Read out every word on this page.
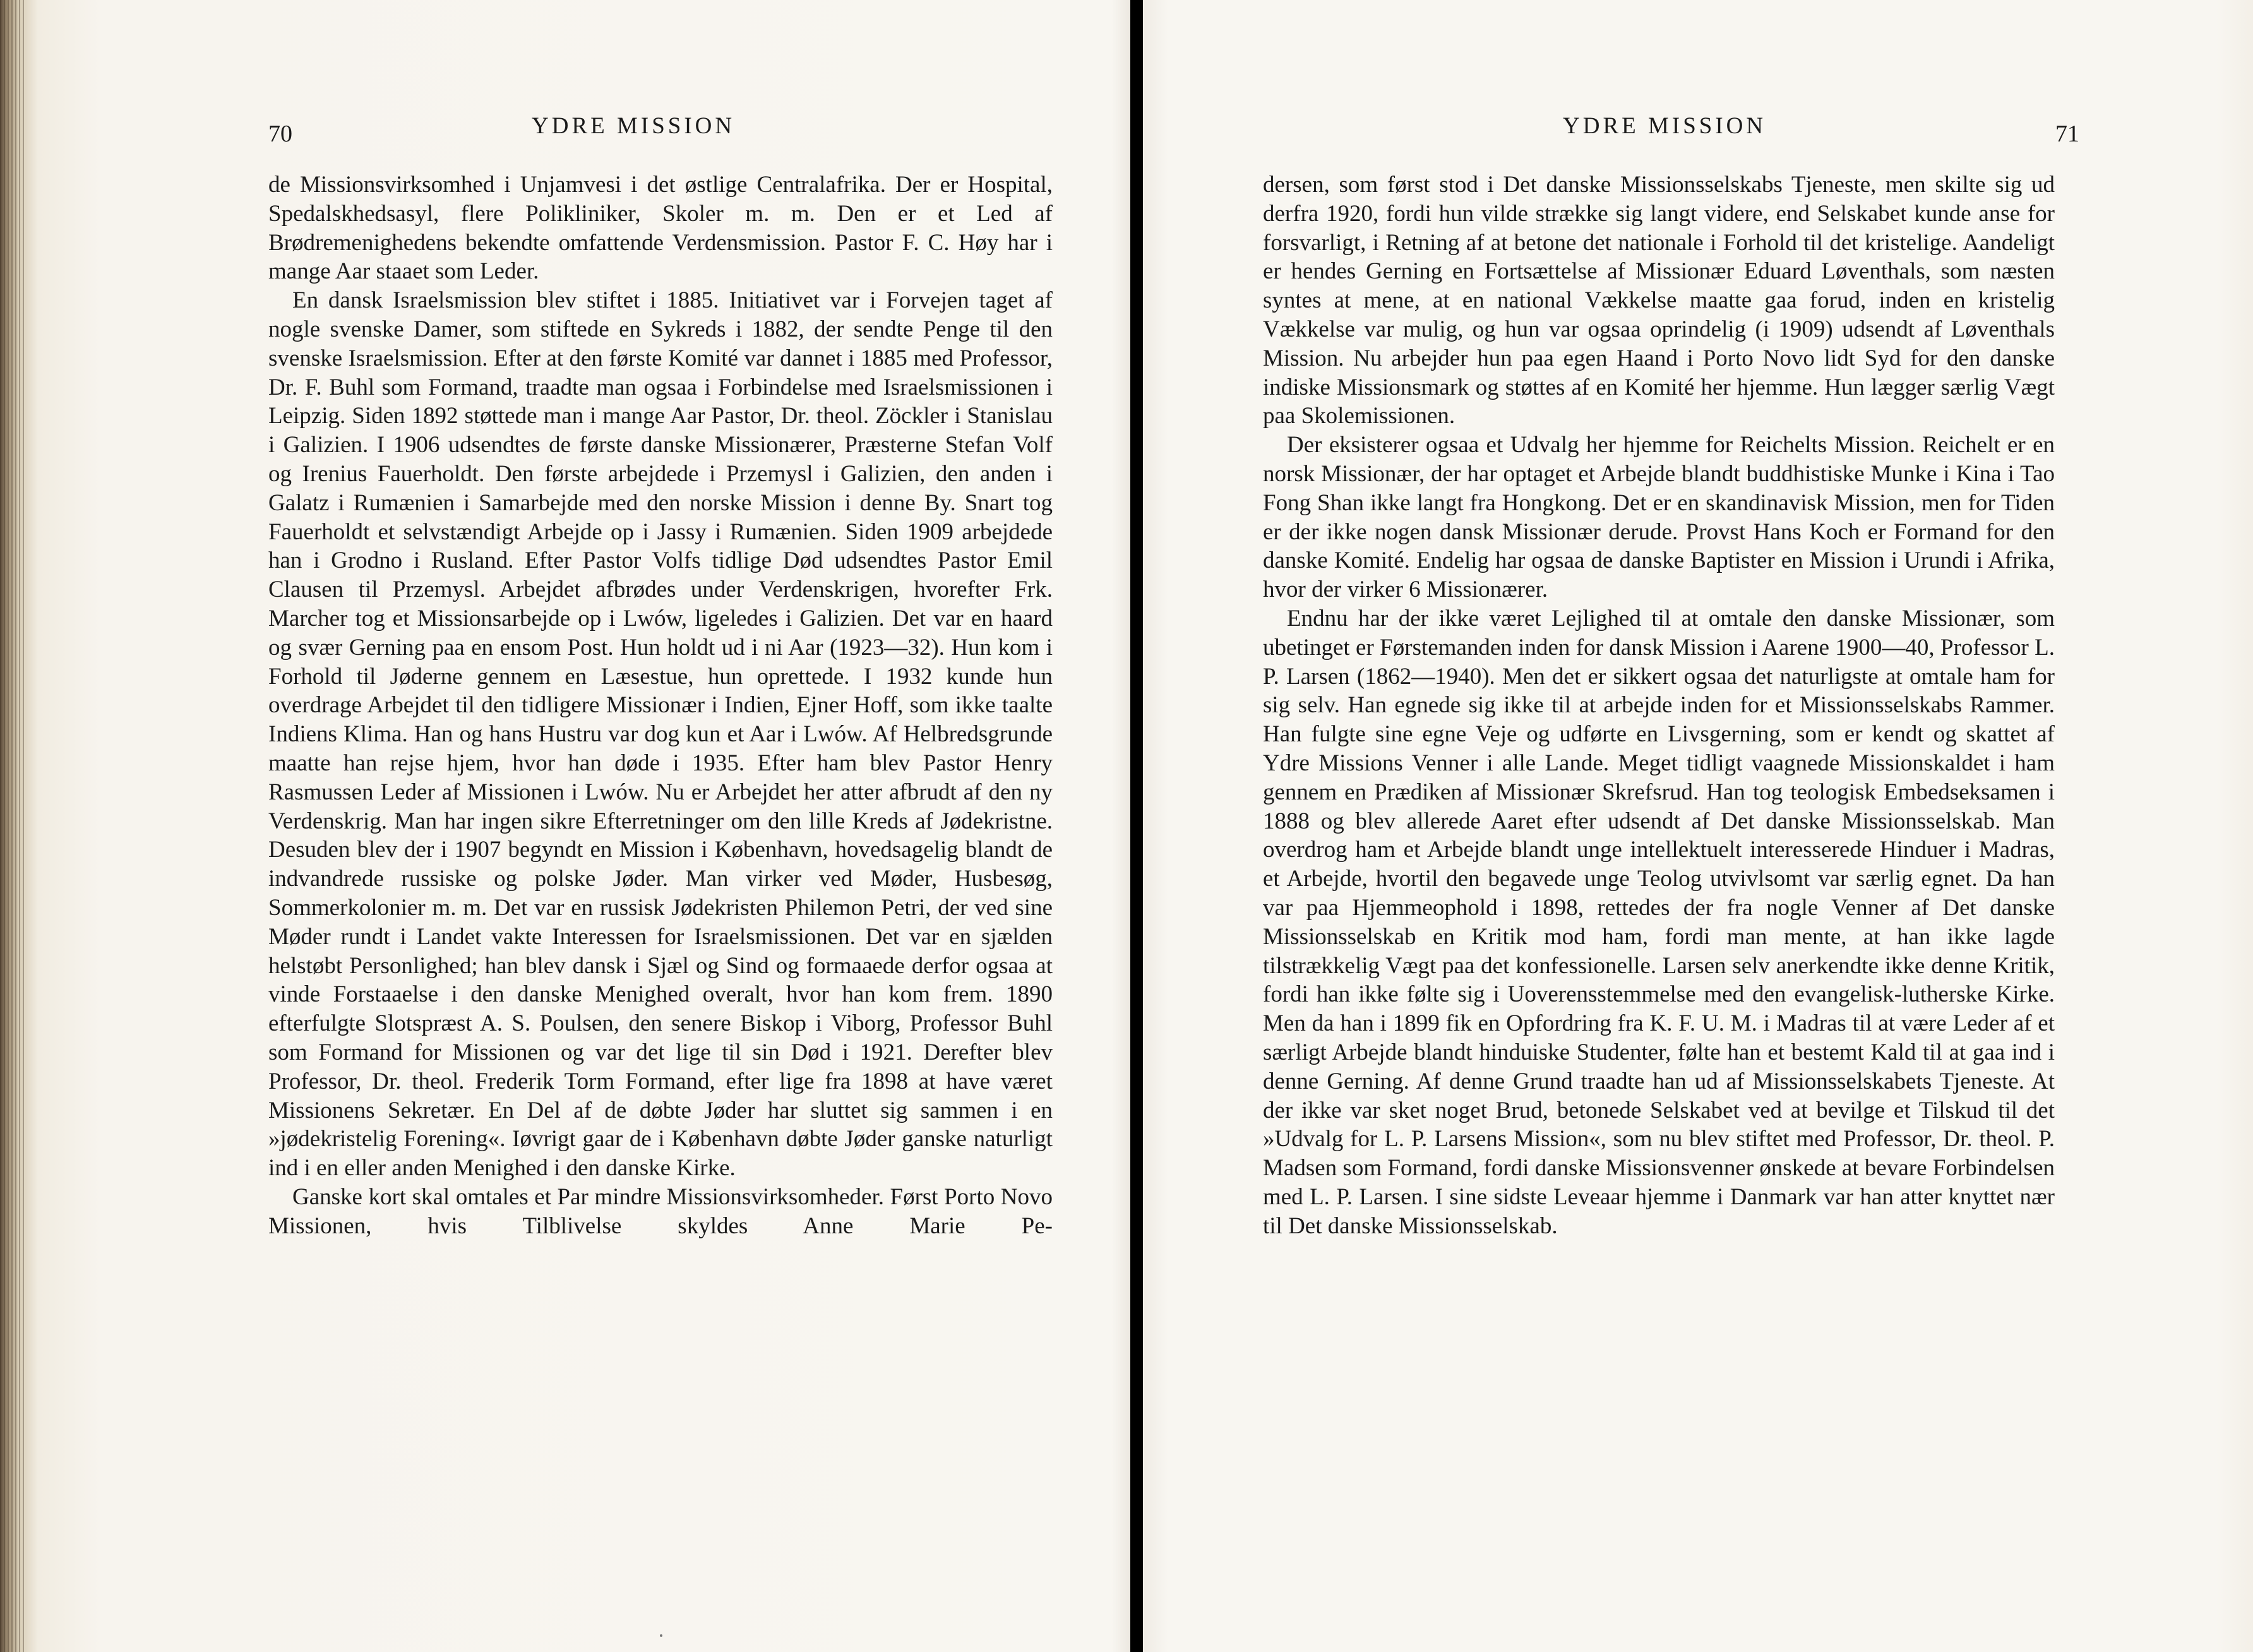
70	YDRE MISSION

de Missionsvirksomhed i Unjamvesi i det østlige Centralafrika. Der er Hospital, Spedalskhedsasyl, flere Polikliniker, Skoler m. m. Den er et Led af Brødremenighedens bekendte omfattende Verdensmission. Pastor F. C. Høy har i mange Aar staaet som Leder.

En dansk Israelsmission blev stiftet i 1885. Initiativet var i Forvejen taget af nogle svenske Damer, som stiftede en Sykreds i 1882, der sendte Penge til den svenske Israelsmission. Efter at den første Komité var dannet i 1885 med Professor, Dr. F. Buhl som Formand, traadte man ogsaa i Forbindelse med Israelsmissionen i Leipzig. Siden 1892 støttede man i mange Aar Pastor, Dr. theol. Zöckler i Stanislau i Galizien. I 1906 udsendtes de første danske Missionærer, Præsterne Stefan Volf og Irenius Fauerholdt. Den første arbejdede i Przemysl i Galizien, den anden i Galatz i Rumænien i Samarbejde med den norske Mission i denne By. Snart tog Fauerholdt et selvstændigt Arbejde op i Jassy i Rumænien. Siden 1909 arbejdede han i Grodno i Rusland. Efter Pastor Volfs tidlige Død udsendtes Pastor Emil Clausen til Przemysl. Arbejdet afbrødes under Verdenskrigen, hvorefter Frk. Marcher tog et Missionsarbejde op i Lwów, ligeledes i Galizien. Det var en haard og svær Gerning paa en ensom Post. Hun holdt ud i ni Aar (1923—32). Hun kom i Forhold til Jøderne gennem en Læsestue, hun oprettede. I 1932 kunde hun overdrage Arbejdet til den tidligere Missionær i Indien, Ejner Hoff, som ikke taalte Indiens Klima. Han og hans Hustru var dog kun et Aar i Lwów. Af Helbredsgrunde maatte han rejse hjem, hvor han døde i 1935. Efter ham blev Pastor Henry Rasmussen Leder af Missionen i Lwów. Nu er Arbejdet her atter afbrudt af den ny Verdenskrig. Man har ingen sikre Efterretninger om den lille Kreds af Jødekristne. Desuden blev der i 1907 begyndt en Mission i København, hovedsagelig blandt de indvandrede russiske og polske Jøder. Man virker ved Møder, Husbesøg, Sommerkolonier m. m. Det var en russisk Jødekristen Philemon Petri, der ved sine Møder rundt i Landet vakte Interessen for Israelsmissionen. Det var en sjælden helstøbt Personlighed; han blev dansk i Sjæl og Sind og formaaede derfor ogsaa at vinde Forstaaelse i den danske Menighed overalt, hvor han kom frem. 1890 efterfulgte Slotspræst A. S. Poulsen, den senere Biskop i Viborg, Professor Buhl som Formand for Missionen og var det lige til sin Død i 1921. Derefter blev Professor, Dr. theol. Frederik Torm Formand, efter lige fra 1898 at have været Missionens Sekretær. En Del af de døbte Jøder har sluttet sig sammen i en »jødekristelig Forening«. Iøvrigt gaar de i København døbte Jøder ganske naturligt ind i en eller anden Menighed i den danske Kirke.

Ganske kort skal omtales et Par mindre Missionsvirksomheder. Først Porto Novo Missionen, hvis Tilblivelse skyldes Anne Marie Pe-

YDRE MISSION	71

dersen, som først stod i Det danske Missionsselskabs Tjeneste, men skilte sig ud derfra 1920, fordi hun vilde strække sig langt videre, end Selskabet kunde anse for forsvarligt, i Retning af at betone det nationale i Forhold til det kristelige. Aandeligt er hendes Gerning en Fortsættelse af Missionær Eduard Løventhals, som næsten syntes at mene, at en national Vækkelse maatte gaa forud, inden en kristelig Vækkelse var mulig, og hun var ogsaa oprindelig (i 1909) udsendt af Løventhals Mission. Nu arbejder hun paa egen Haand i Porto Novo lidt Syd for den danske indiske Missionsmark og støttes af en Komité her hjemme. Hun lægger særlig Vægt paa Skolemissionen.

Der eksisterer ogsaa et Udvalg her hjemme for Reichelts Mission. Reichelt er en norsk Missionær, der har optaget et Arbejde blandt buddhistiske Munke i Kina i Tao Fong Shan ikke langt fra Hongkong. Det er en skandinavisk Mission, men for Tiden er der ikke nogen dansk Missionær derude. Provst Hans Koch er Formand for den danske Komité. Endelig har ogsaa de danske Baptister en Mission i Urundi i Afrika, hvor der virker 6 Missionærer.

Endnu har der ikke været Lejlighed til at omtale den danske Missionær, som ubetinget er Førstemanden inden for dansk Mission i Aarene 1900—40, Professor L. P. Larsen (1862—1940). Men det er sikkert ogsaa det naturligste at omtale ham for sig selv. Han egnede sig ikke til at arbejde inden for et Missionsselskabs Rammer. Han fulgte sine egne Veje og udførte en Livsgerning, som er kendt og skattet af Ydre Missions Venner i alle Lande. Meget tidligt vaagnede Missionskaldet i ham gennem en Prædiken af Missionær Skrefsrud. Han tog teologisk Embedseksamen i 1888 og blev allerede Aaret efter udsendt af Det danske Missionsselskab. Man overdrog ham et Arbejde blandt unge intellektuelt interesserede Hinduer i Madras, et Arbejde, hvortil den begavede unge Teolog utvivlsomt var særlig egnet. Da han var paa Hjemmeophold i 1898, rettedes der fra nogle Venner af Det danske Missionsselskab en Kritik mod ham, fordi man mente, at han ikke lagde tilstrækkelig Vægt paa det konfessionelle. Larsen selv anerkendte ikke denne Kritik, fordi han ikke følte sig i Uoverensstemmelse med den evangelisk-lutherske Kirke. Men da han i 1899 fik en Opfordring fra K. F. U. M. i Madras til at være Leder af et særligt Arbejde blandt hinduiske Studenter, følte han et bestemt Kald til at gaa ind i denne Gerning. Af denne Grund traadte han ud af Missionsselskabets Tjeneste. At der ikke var sket noget Brud, betonede Selskabet ved at bevilge et Tilskud til det »Udvalg for L. P. Larsens Mission«, som nu blev stiftet med Professor, Dr. theol. P. Madsen som Formand, fordi danske Missionsvenner ønskede at bevare Forbindelsen med L. P. Larsen. I sine sidste Leveaar hjemme i Danmark var han atter knyttet nær til Det danske Missionsselskab.
